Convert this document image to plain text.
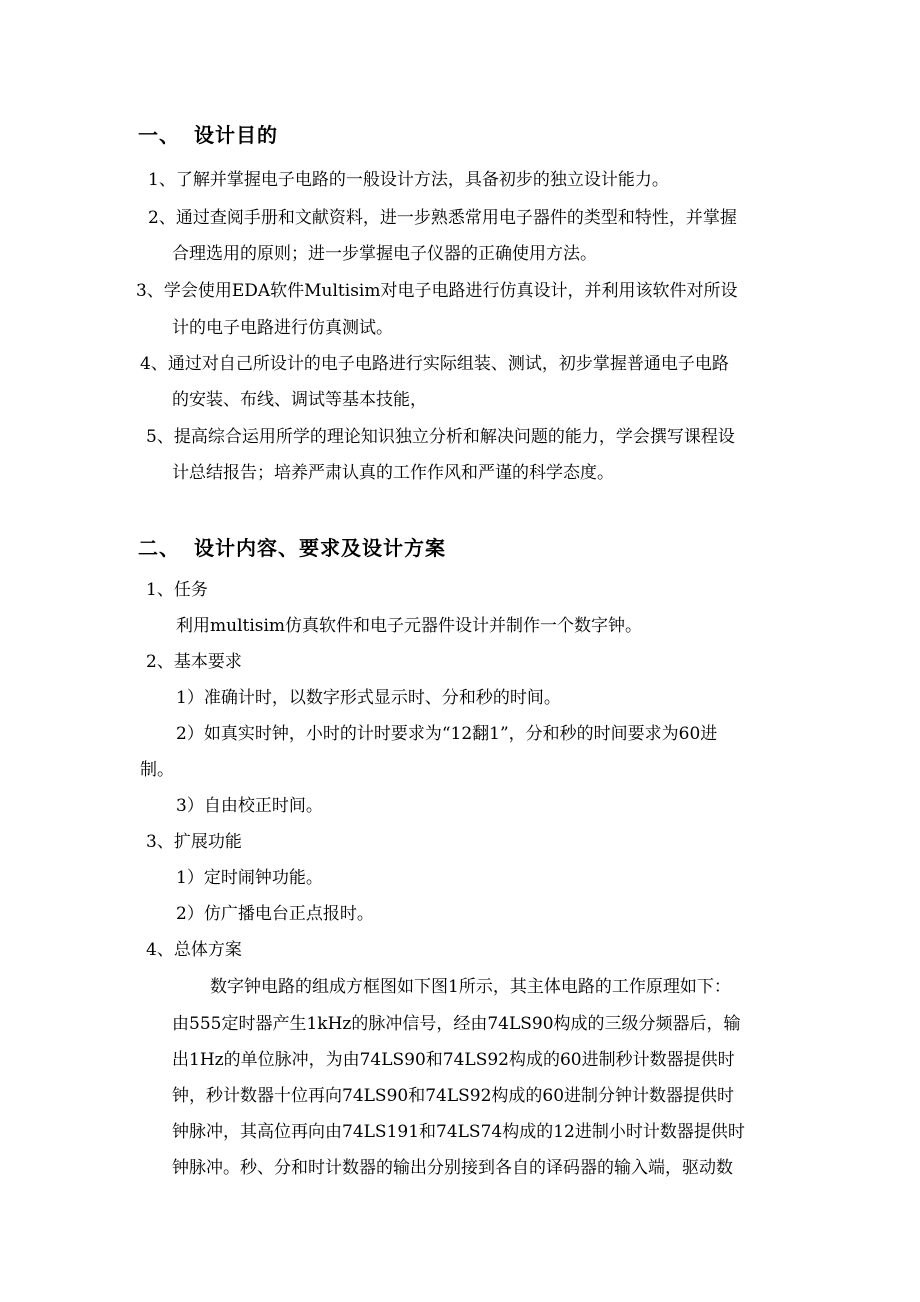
一、 设计目的
1、了解并掌握电子电路的一般设计方法，具备初步的独立设计能力。
2、通过查阅手册和文献资料，进一步熟悉常用电子器件的类型和特性，并掌握
合理选用的原则；进一步掌握电子仪器的正确使用方法。
3、学会使用EDA软件Multisim对电子电路进行仿真设计，并利用该软件对所设
计的电子电路进行仿真测试。
4、通过对自己所设计的电子电路进行实际组装、测试，初步掌握普通电子电路
的安装、布线、调试等基本技能，
5、提高综合运用所学的理论知识独立分析和解决问题的能力，学会撰写课程设
计总结报告；培养严肃认真的工作作风和严谨的科学态度。
二、 设计内容、要求及设计方案
1、任务
利用multisim仿真软件和电子元器件设计并制作一个数字钟。
2、基本要求
1）准确计时，以数字形式显示时、分和秒的时间。
2）如真实时钟，小时的计时要求为“12翻1”，分和秒的时间要求为60进
制。
3）自由校正时间。
3、扩展功能
1）定时闹钟功能。
2）仿广播电台正点报时。
4、总体方案
数字钟电路的组成方框图如下图1所示，其主体电路的工作原理如下：
由555定时器产生1kHz的脉冲信号，经由74LS90构成的三级分频器后，输
出1Hz的单位脉冲，为由74LS90和74LS92构成的60进制秒计数器提供时
钟，秒计数器十位再向74LS90和74LS92构成的60进制分钟计数器提供时
钟脉冲，其高位再向由74LS191和74LS74构成的12进制小时计数器提供时
钟脉冲。秒、分和时计数器的输出分别接到各自的译码器的输入端，驱动数
